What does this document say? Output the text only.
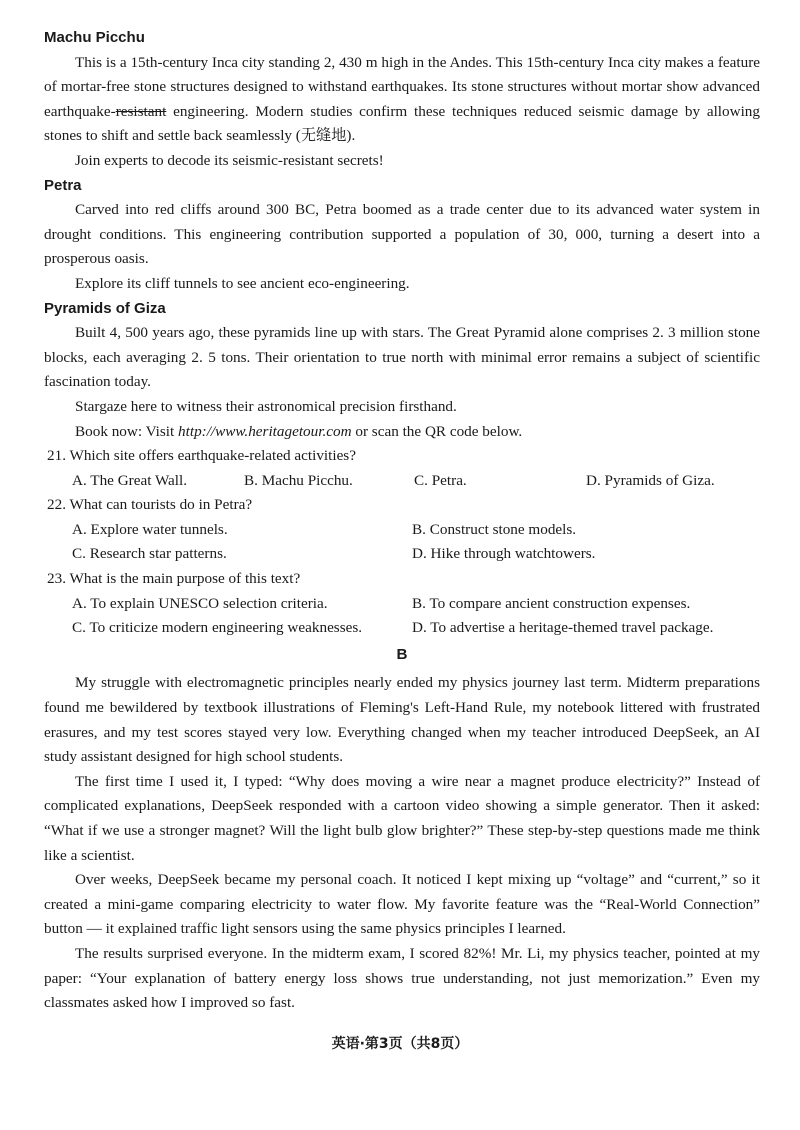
Machu Picchu

This is a 15th-century Inca city standing 2, 430 m high in the Andes. This 15th-century Inca city makes a feature of mortar-free stone structures designed to withstand earthquakes. Its stone structures without mortar show advanced earthquake-resistant engineering. Modern studies confirm these techniques reduced seismic damage by allowing stones to shift and settle back seamlessly (无缝地).

Join experts to decode its seismic-resistant secrets!

Petra

Carved into red cliffs around 300 BC, Petra boomed as a trade center due to its advanced water system in drought conditions. This engineering contribution supported a population of 30, 000, turning a desert into a prosperous oasis.

Explore its cliff tunnels to see ancient eco-engineering.

Pyramids of Giza

Built 4, 500 years ago, these pyramids line up with stars. The Great Pyramid alone comprises 2. 3 million stone blocks, each averaging 2. 5 tons. Their orientation to true north with minimal error remains a subject of scientific fascination today.

Stargaze here to witness their astronomical precision firsthand.

Book now: Visit http://www.heritagetour.com or scan the QR code below.

21. Which site offers earthquake-related activities?

A. The Great Wall.	B. Machu Picchu.	C. Petra.	D. Pyramids of Giza.

22. What can tourists do in Petra?

A. Explore water tunnels.	B. Construct stone models.
C. Research star patterns.	D. Hike through watchtowers.

23. What is the main purpose of this text?

A. To explain UNESCO selection criteria.	B. To compare ancient construction expenses.
C. To criticize modern engineering weaknesses.	D. To advertise a heritage-themed travel package.

B

My struggle with electromagnetic principles nearly ended my physics journey last term. Midterm preparations found me bewildered by textbook illustrations of Fleming's Left-Hand Rule, my notebook littered with frustrated erasures, and my test scores stayed very low. Everything changed when my teacher introduced DeepSeek, an AI study assistant designed for high school students.

The first time I used it, I typed: “Why does moving a wire near a magnet produce electricity?” Instead of complicated explanations, DeepSeek responded with a cartoon video showing a simple generator. Then it asked: “What if we use a stronger magnet? Will the light bulb glow brighter?” These step-by-step questions made me think like a scientist.

Over weeks, DeepSeek became my personal coach. It noticed I kept mixing up “voltage” and “current,” so it created a mini-game comparing electricity to water flow. My favorite feature was the “Real-World Connection” button — it explained traffic light sensors using the same physics principles I learned.

The results surprised everyone. In the midterm exam, I scored 82%! Mr. Li, my physics teacher, pointed at my paper: “Your explanation of battery energy loss shows true understanding, not just memorization.” Even my classmates asked how I improved so fast.

英语·第3页（共8页）
